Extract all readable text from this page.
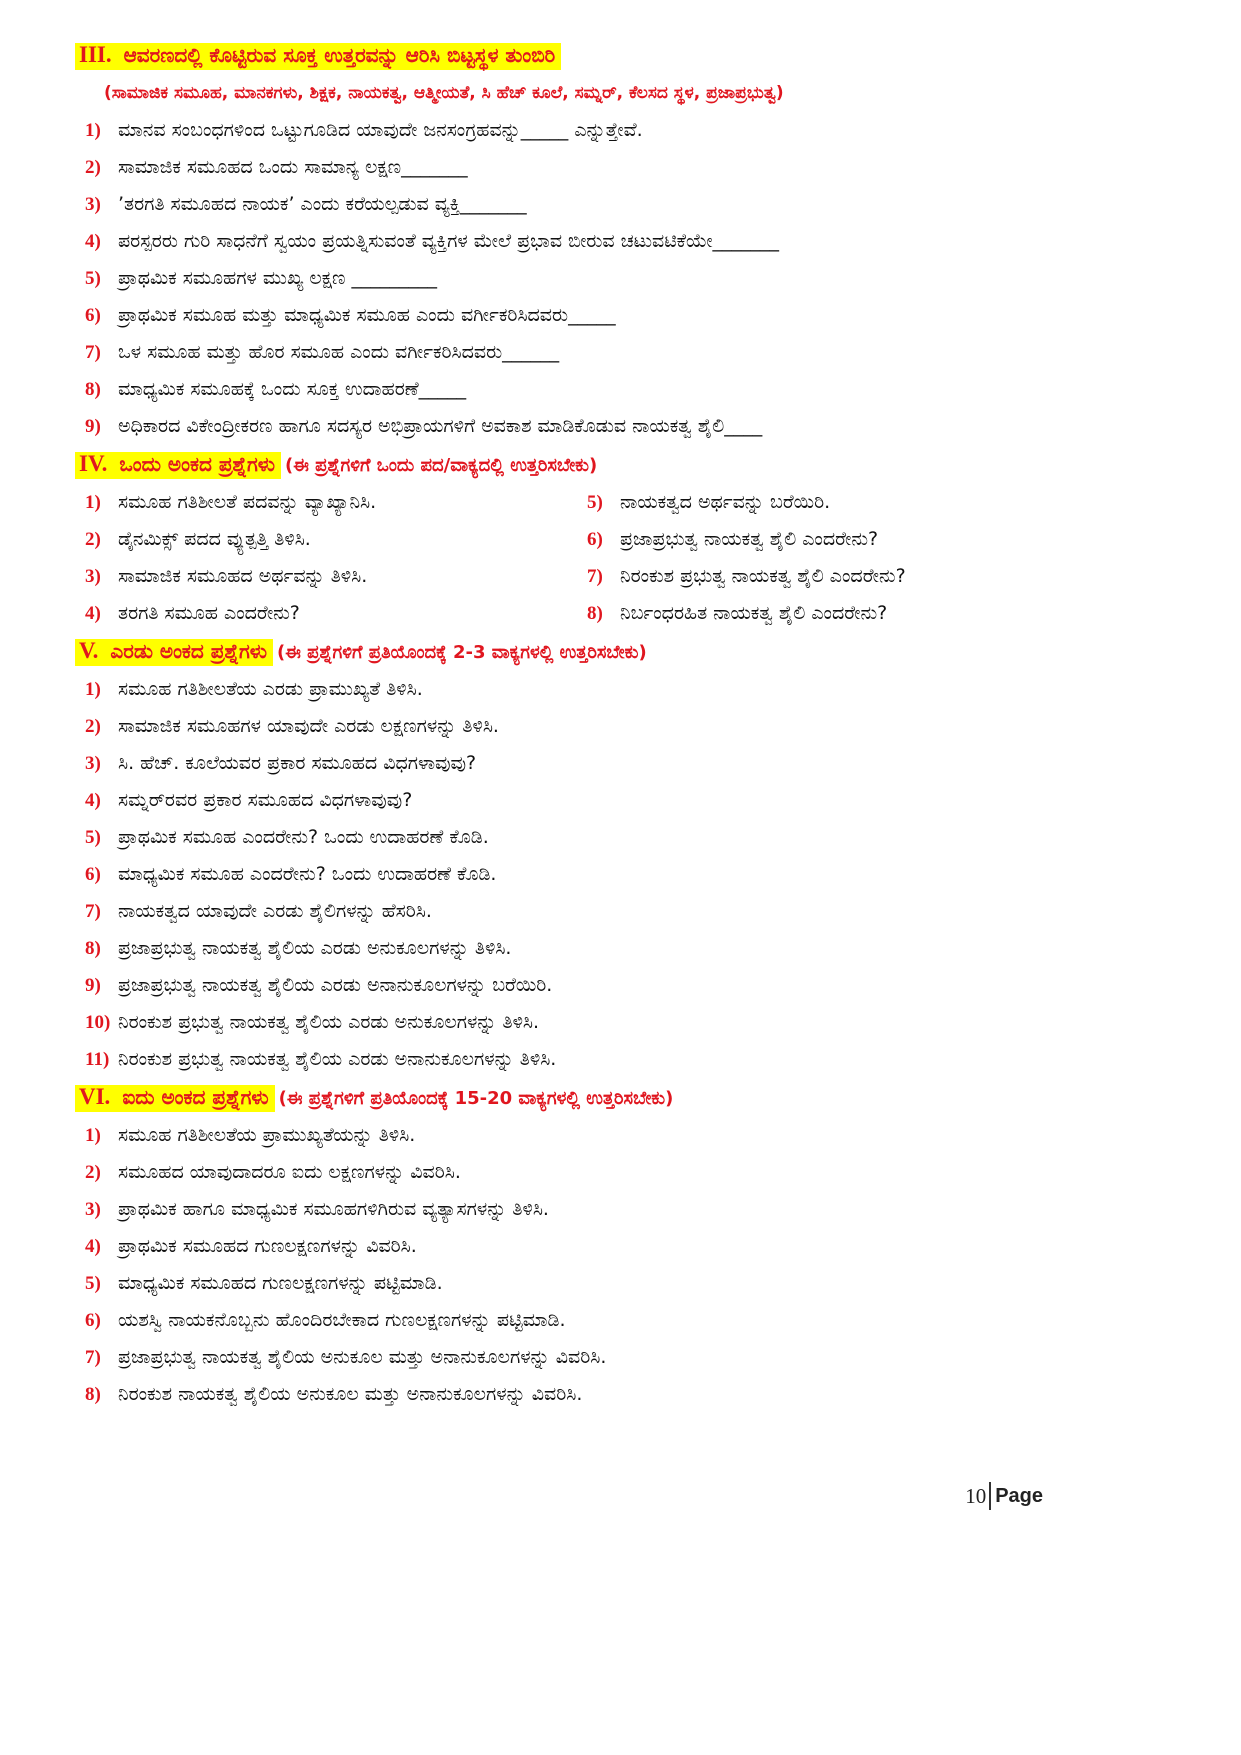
III. ಆವರಣದಲ್ಲಿ ಕೊಟ್ಟಿರುವ ಸೂಕ್ತ ಉತ್ತರವನ್ನು ಆರಿಸಿ ಬಿಟ್ಟಸ್ಥಳ ತುಂಬಿರಿ
(ಸಾಮಾಜಿಕ ಸಮೂಹ, ಮಾನಕಗಳು, ಶಿಕ್ಷಕ, ನಾಯಕತ್ವ, ಆತ್ಮೀಯತೆ, ಸಿ ಹೆಚ್ ಕೂಲೆ, ಸಮ್ನರ್, ಕೆಲಸದ ಸ್ಥಳ, ಪ್ರಜಾಪ್ರಭುತ್ವ)
1) ಮಾನವ ಸಂಬಂಧಗಳಿಂದ ಒಟ್ಟುಗೂಡಿದ ಯಾವುದೇ ಜನಸಂಗ್ರಹವನ್ನು_____ ಎನ್ನುತ್ತೇವೆ.
2) ಸಾಮಾಜಿಕ ಸಮೂಹದ ಒಂದು ಸಾಮಾನ್ಯ ಲಕ್ಷಣ_______
3) ’ತರಗತಿ ಸಮೂಹದ ನಾಯಕ’ ಎಂದು ಕರೆಯಲ್ಪಡುವ ವ್ಯಕ್ತಿ_______
4) ಪರಸ್ಪರರು ಗುರಿ ಸಾಧನೆಗೆ ಸ್ವಯಂ ಪ್ರಯತ್ನಿಸುವಂತೆ ವ್ಯಕ್ತಿಗಳ ಮೇಲೆ ಪ್ರಭಾವ ಬೀರುವ ಚಟುವಟಿಕೆಯೇ_______
5) ಪ್ರಾಥಮಿಕ ಸಮೂಹಗಳ ಮುಖ್ಯ ಲಕ್ಷಣ _________
6) ಪ್ರಾಥಮಿಕ ಸಮೂಹ ಮತ್ತು ಮಾಧ್ಯಮಿಕ ಸಮೂಹ ಎಂದು ವರ್ಗೀಕರಿಸಿದವರು_____
7) ಒಳ ಸಮೂಹ ಮತ್ತು ಹೊರ ಸಮೂಹ ಎಂದು ವರ್ಗೀಕರಿಸಿದವರು______
8) ಮಾಧ್ಯಮಿಕ ಸಮೂಹಕ್ಕೆ ಒಂದು ಸೂಕ್ತ ಉದಾಹರಣೆ_____
9) ಅಧಿಕಾರದ ವಿಕೇಂದ್ರೀಕರಣ ಹಾಗೂ ಸದಸ್ಯರ ಅಭಿಪ್ರಾಯಗಳಿಗೆ ಅವಕಾಶ ಮಾಡಿಕೊಡುವ ನಾಯಕತ್ವ ಶೈಲಿ____
IV. ಒಂದು ಅಂಕದ ಪ್ರಶ್ನೆಗಳು (ಈ ಪ್ರಶ್ನೆಗಳಿಗೆ ಒಂದು ಪದ/ವಾಕ್ಯದಲ್ಲಿ ಉತ್ತರಿಸಬೇಕು)
1) ಸಮೂಹ ಗತಿಶೀಲತೆ ಪದವನ್ನು ವ್ಯಾಖ್ಯಾನಿಸಿ.	5) ನಾಯಕತ್ವದ ಅರ್ಥವನ್ನು ಬರೆಯಿರಿ.
2) ಡೈನಮಿಕ್ಸ್ ಪದದ ವ್ಯುತ್ಪತ್ತಿ ತಿಳಿಸಿ.	6) ಪ್ರಜಾಪ್ರಭುತ್ವ ನಾಯಕತ್ವ ಶೈಲಿ ಎಂದರೇನು?
3) ಸಾಮಾಜಿಕ ಸಮೂಹದ ಅರ್ಥವನ್ನು ತಿಳಿಸಿ.	7) ನಿರಂಕುಶ ಪ್ರಭುತ್ವ ನಾಯಕತ್ವ ಶೈಲಿ ಎಂದರೇನು?
4) ತರಗತಿ ಸಮೂಹ ಎಂದರೇನು?	8) ನಿರ್ಬಂಧರಹಿತ ನಾಯಕತ್ವ ಶೈಲಿ ಎಂದರೇನು?
V. ಎರಡು ಅಂಕದ ಪ್ರಶ್ನೆಗಳು (ಈ ಪ್ರಶ್ನೆಗಳಿಗೆ ಪ್ರತಿಯೊಂದಕ್ಕೆ 2-3 ವಾಕ್ಯಗಳಲ್ಲಿ ಉತ್ತರಿಸಬೇಕು)
1) ಸಮೂಹ ಗತಿಶೀಲತೆಯ ಎರಡು ಪ್ರಾಮುಖ್ಯತೆ ತಿಳಿಸಿ.
2) ಸಾಮಾಜಿಕ ಸಮೂಹಗಳ ಯಾವುದೇ ಎರಡು ಲಕ್ಷಣಗಳನ್ನು ತಿಳಿಸಿ.
3) ಸಿ. ಹೆಚ್. ಕೂಲೆಯವರ ಪ್ರಕಾರ ಸಮೂಹದ ವಿಧಗಳಾವುವು?
4) ಸಮ್ನರ್‌ರವರ ಪ್ರಕಾರ ಸಮೂಹದ ವಿಧಗಳಾವುವು?
5) ಪ್ರಾಥಮಿಕ ಸಮೂಹ ಎಂದರೇನು? ಒಂದು ಉದಾಹರಣೆ ಕೊಡಿ.
6) ಮಾಧ್ಯಮಿಕ ಸಮೂಹ ಎಂದರೇನು? ಒಂದು ಉದಾಹರಣೆ ಕೊಡಿ.
7) ನಾಯಕತ್ವದ ಯಾವುದೇ ಎರಡು ಶೈಲಿಗಳನ್ನು ಹೆಸರಿಸಿ.
8) ಪ್ರಜಾಪ್ರಭುತ್ವ ನಾಯಕತ್ವ ಶೈಲಿಯ ಎರಡು ಅನುಕೂಲಗಳನ್ನು ತಿಳಿಸಿ.
9) ಪ್ರಜಾಪ್ರಭುತ್ವ ನಾಯಕತ್ವ ಶೈಲಿಯ ಎರಡು ಅನಾನುಕೂಲಗಳನ್ನು ಬರೆಯಿರಿ.
10) ನಿರಂಕುಶ ಪ್ರಭುತ್ವ ನಾಯಕತ್ವ ಶೈಲಿಯ ಎರಡು ಅನುಕೂಲಗಳನ್ನು ತಿಳಿಸಿ.
11) ನಿರಂಕುಶ ಪ್ರಭುತ್ವ ನಾಯಕತ್ವ ಶೈಲಿಯ ಎರಡು ಅನಾನುಕೂಲಗಳನ್ನು ತಿಳಿಸಿ.
VI. ಐದು ಅಂಕದ ಪ್ರಶ್ನೆಗಳು (ಈ ಪ್ರಶ್ನೆಗಳಿಗೆ ಪ್ರತಿಯೊಂದಕ್ಕೆ 15-20 ವಾಕ್ಯಗಳಲ್ಲಿ ಉತ್ತರಿಸಬೇಕು)
1) ಸಮೂಹ ಗತಿಶೀಲತೆಯ ಪ್ರಾಮುಖ್ಯತೆಯನ್ನು ತಿಳಿಸಿ.
2) ಸಮೂಹದ ಯಾವುದಾದರೂ ಐದು ಲಕ್ಷಣಗಳನ್ನು ವಿವರಿಸಿ.
3) ಪ್ರಾಥಮಿಕ ಹಾಗೂ ಮಾಧ್ಯಮಿಕ ಸಮೂಹಗಳಿಗಿರುವ ವ್ಯತ್ಯಾಸಗಳನ್ನು ತಿಳಿಸಿ.
4) ಪ್ರಾಥಮಿಕ ಸಮೂಹದ ಗುಣಲಕ್ಷಣಗಳನ್ನು ವಿವರಿಸಿ.
5) ಮಾಧ್ಯಮಿಕ ಸಮೂಹದ ಗುಣಲಕ್ಷಣಗಳನ್ನು ಪಟ್ಟಿಮಾಡಿ.
6) ಯಶಸ್ವಿ ನಾಯಕನೊಬ್ಬನು ಹೊಂದಿರಬೇಕಾದ ಗುಣಲಕ್ಷಣಗಳನ್ನು ಪಟ್ಟಿಮಾಡಿ.
7) ಪ್ರಜಾಪ್ರಭುತ್ವ ನಾಯಕತ್ವ ಶೈಲಿಯ ಅನುಕೂಲ ಮತ್ತು ಅನಾನುಕೂಲಗಳನ್ನು ವಿವರಿಸಿ.
8) ನಿರಂಕುಶ ನಾಯಕತ್ವ ಶೈಲಿಯ ಅನುಕೂಲ ಮತ್ತು ಅನಾನುಕೂಲಗಳನ್ನು ವಿವರಿಸಿ.
10 Page
